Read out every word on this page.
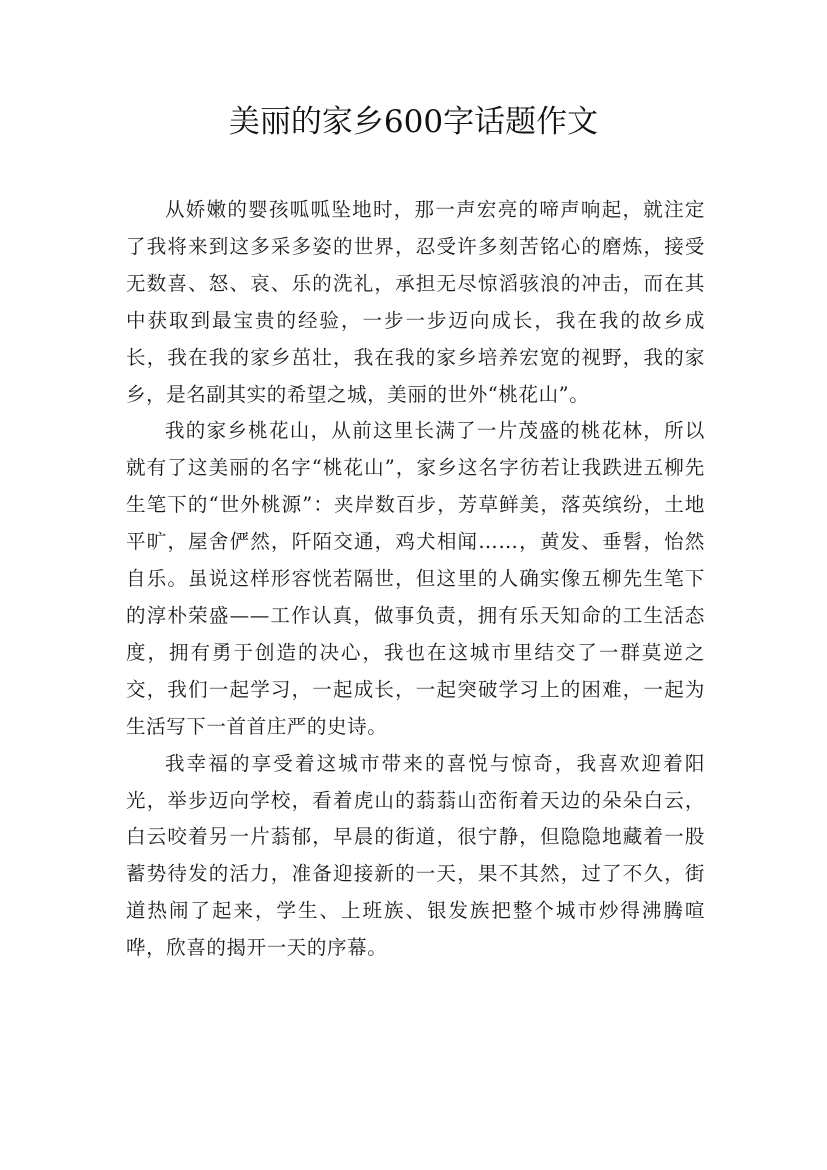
美丽的家乡600字话题作文

从娇嫩的婴孩呱呱坠地时，那一声宏亮的啼声响起，就注定了我将来到这多采多姿的世界，忍受许多刻苦铭心的磨炼，接受无数喜、怒、哀、乐的洗礼，承担无尽惊滔骇浪的冲击，而在其中获取到最宝贵的经验，一步一步迈向成长，我在我的故乡成长，我在我的家乡茁壮，我在我的家乡培养宏宽的视野，我的家乡，是名副其实的希望之城，美丽的世外“桃花山”。

我的家乡桃花山，从前这里长满了一片茂盛的桃花林，所以就有了这美丽的名字“桃花山”，家乡这名字彷若让我跌进五柳先生笔下的“世外桃源”：夹岸数百步，芳草鲜美，落英缤纷，土地平旷，屋舍俨然，阡陌交通，鸡犬相闻……，黄发、垂髫，怡然自乐。虽说这样形容恍若隔世，但这里的人确实像五柳先生笔下的淳朴荣盛——工作认真，做事负责，拥有乐天知命的工生活态度，拥有勇于创造的决心，我也在这城市里结交了一群莫逆之交，我们一起学习，一起成长，一起突破学习上的困难，一起为生活写下一首首庄严的史诗。

我幸福的享受着这城市带来的喜悦与惊奇，我喜欢迎着阳光，举步迈向学校，看着虎山的蓊蓊山峦衔着天边的朵朵白云，白云咬着另一片蓊郁，早晨的街道，很宁静，但隐隐地藏着一股蓄势待发的活力，准备迎接新的一天，果不其然，过了不久，街道热闹了起来，学生、上班族、银发族把整个城市炒得沸腾喧哗，欣喜的揭开一天的序幕。
